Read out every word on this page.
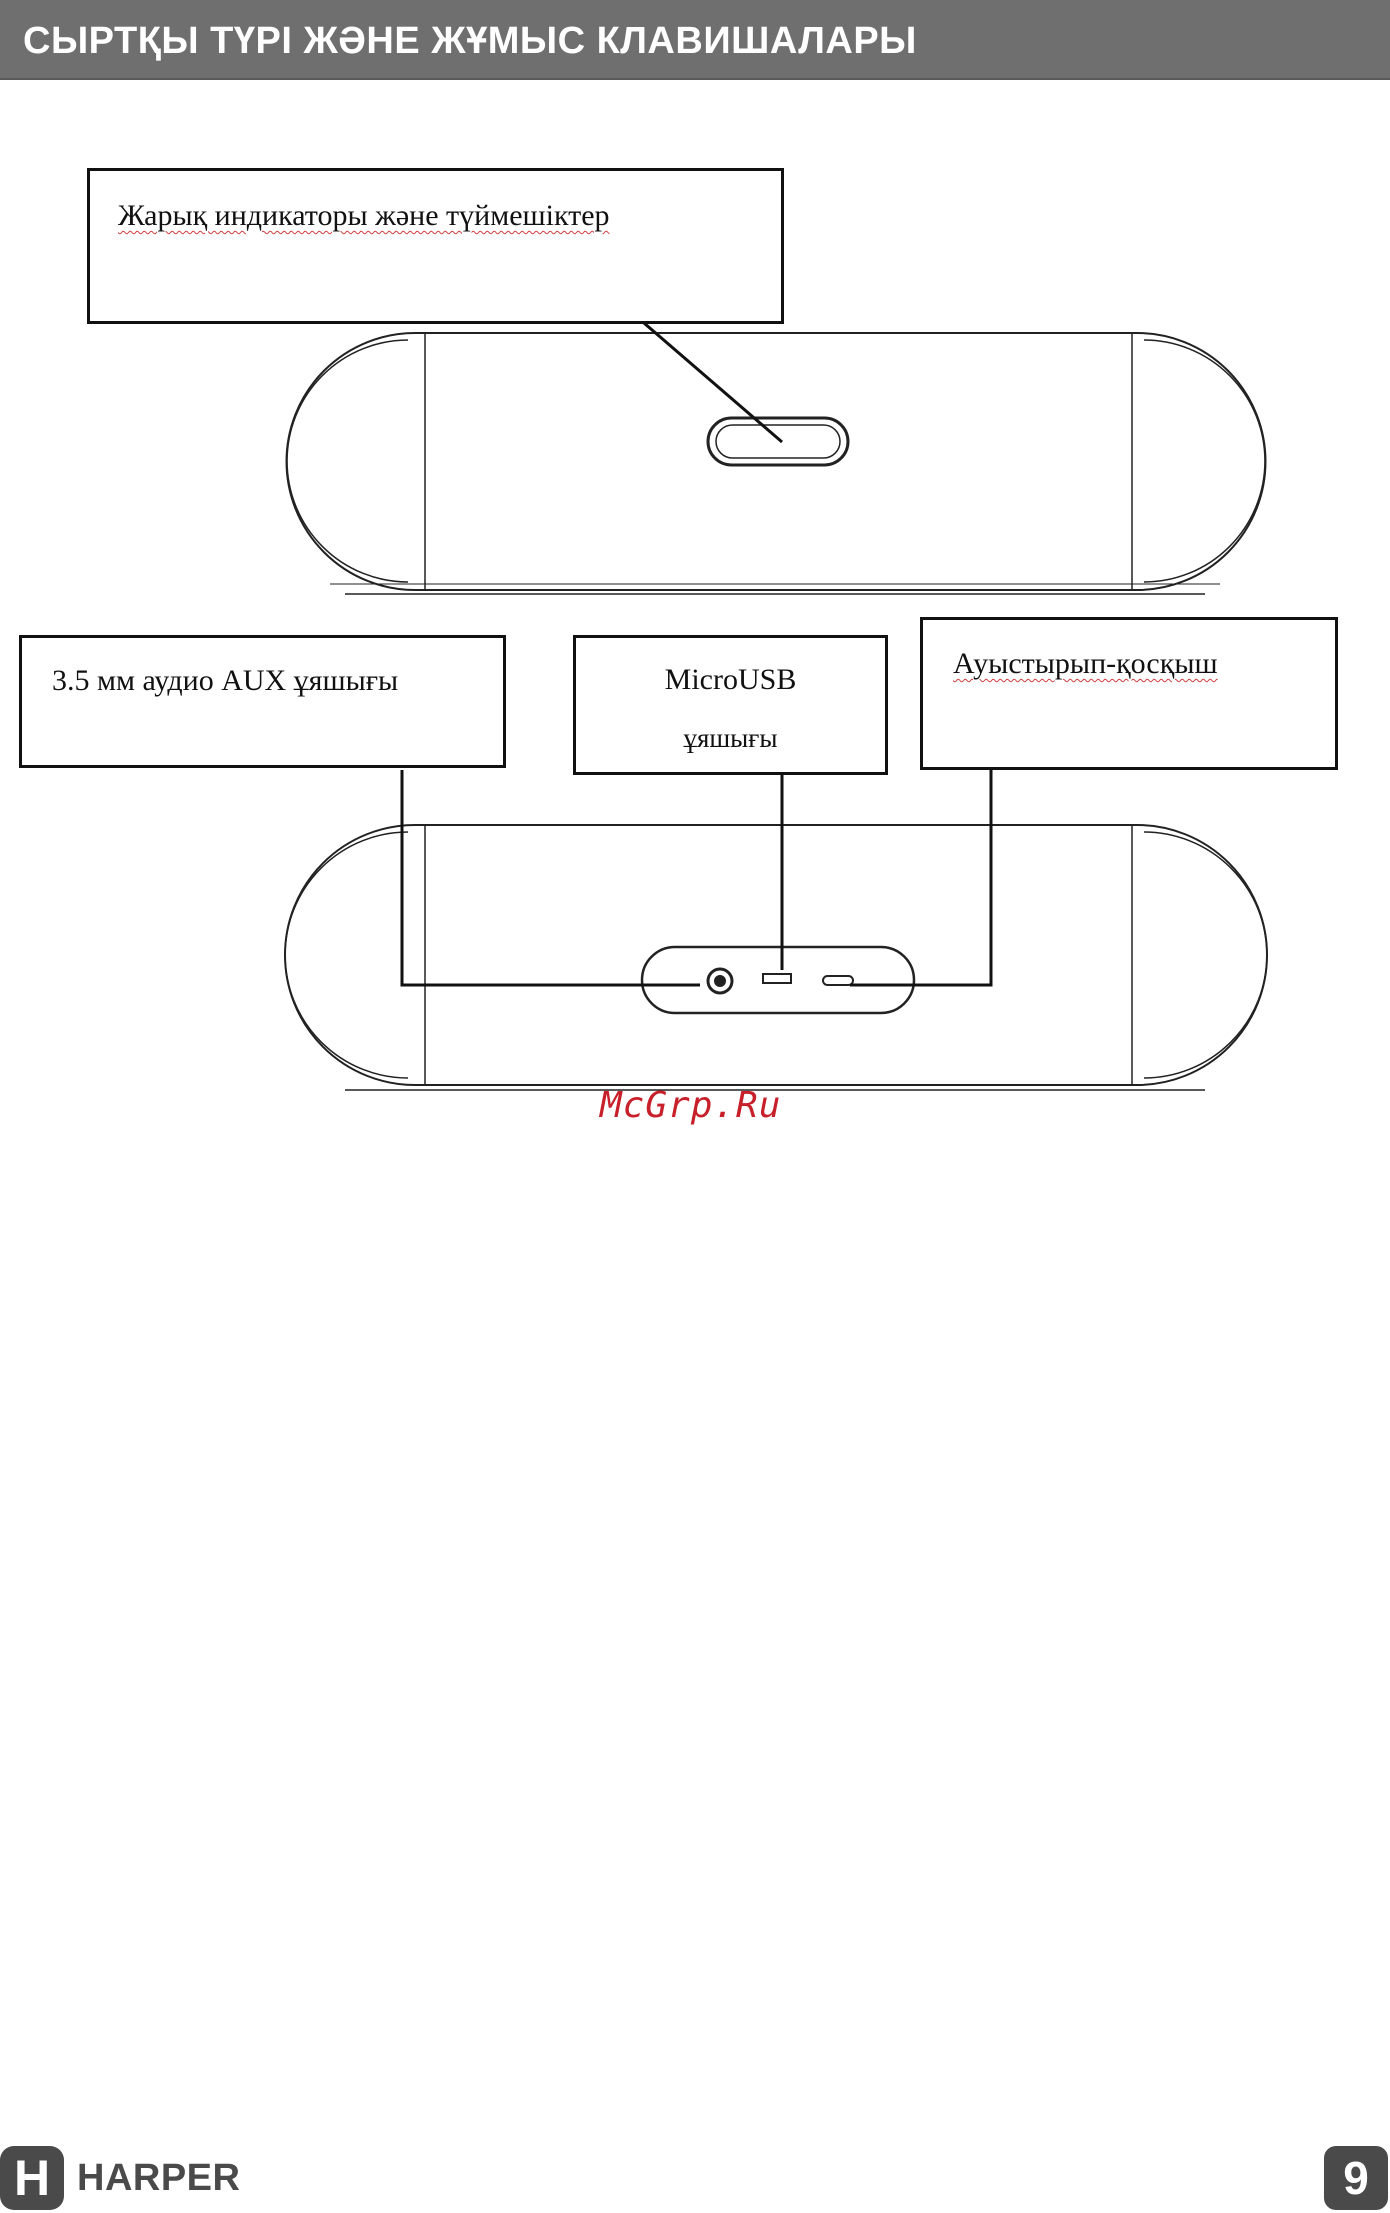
СЫРТҚЫ ТҮРІ ЖӘНЕ ЖҰМЫС КЛАВИШАЛАРЫ
Жарық индикаторы және түймешіктер
3.5 мм аудио AUX ұяшығы	MicroUSB
ұяшығы
Ауыстырып-қосқыш
McGrp.Ru
H HARPER	9
